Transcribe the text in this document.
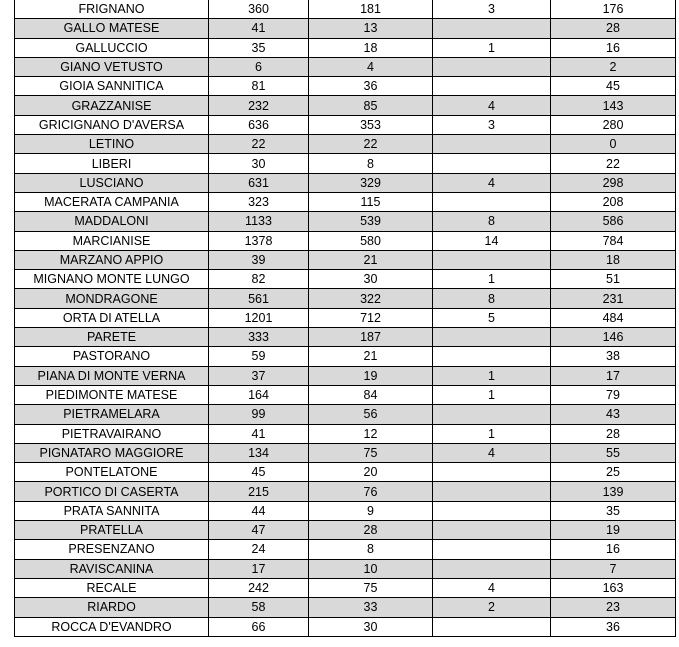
FRIGNANO	360	181	3	176
GALLO MATESE	41	13		28
GALLUCCIO	35	18	1	16
GIANO VETUSTO	6	4		2
GIOIA SANNITICA	81	36		45
GRAZZANISE	232	85	4	143
GRICIGNANO D'AVERSA	636	353	3	280
LETINO	22	22		0
LIBERI	30	8		22
LUSCIANO	631	329	4	298
MACERATA CAMPANIA	323	115		208
MADDALONI	1133	539	8	586
MARCIANISE	1378	580	14	784
MARZANO APPIO	39	21		18
MIGNANO MONTE LUNGO	82	30	1	51
MONDRAGONE	561	322	8	231
ORTA DI ATELLA	1201	712	5	484
PARETE	333	187		146
PASTORANO	59	21		38
PIANA DI MONTE VERNA	37	19	1	17
PIEDIMONTE MATESE	164	84	1	79
PIETRAMELARA	99	56		43
PIETRAVAIRANO	41	12	1	28
PIGNATARO MAGGIORE	134	75	4	55
PONTELATONE	45	20		25
PORTICO DI CASERTA	215	76		139
PRATA SANNITA	44	9		35
PRATELLA	47	28		19
PRESENZANO	24	8		16
RAVISCANINA	17	10		7
RECALE	242	75	4	163
RIARDO	58	33	2	23
ROCCA D'EVANDRO	66	30		36
